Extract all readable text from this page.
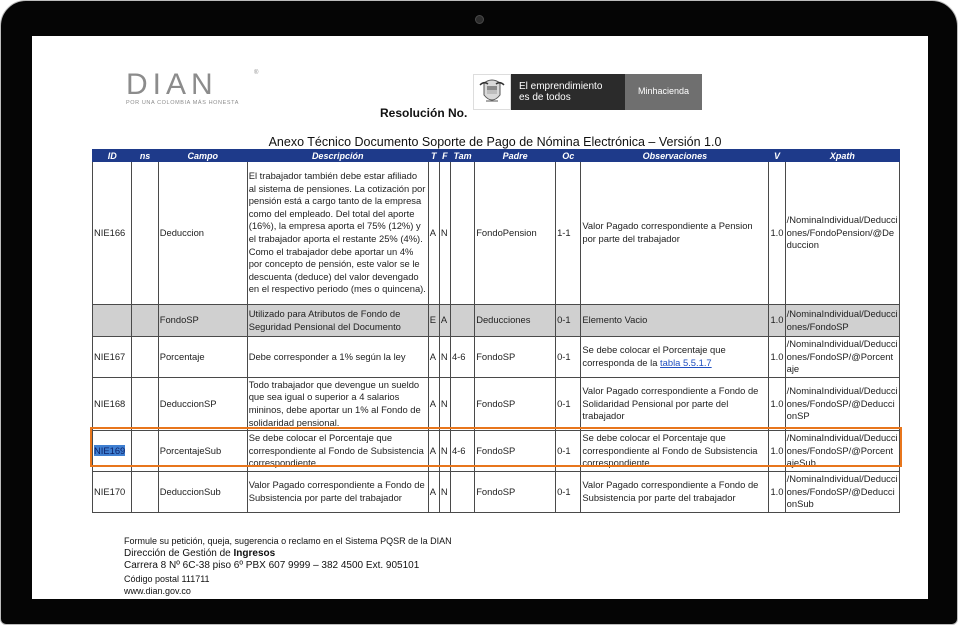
DIAN	®
POR UNA COLOMBIA MÁS HONESTA
Resolución No.
El emprendimiento
es de todos
Minhacienda
Anexo Técnico Documento Soporte de Pago de Nómina Electrónica – Versión 1.0
ID	ns	Campo	Descripción	T	F	Tam	Padre	Oc	Observaciones	V	Xpath
NIE166		Deduccion	El trabajador también debe estar afiliado al sistema de pensiones. La cotización por pensión está a cargo tanto de la empresa como del empleado. Del total del aporte (16%), la empresa aporta el 75% (12%) y el trabajador aporta el restante 25% (4%). Como el trabajador debe aportar un 4% por concepto de pensión, este valor se le descuenta (deduce) del valor devengado en el respectivo periodo (mes o quincena).	A	N		FondoPension	1-1	Valor Pagado correspondiente a Pension por parte del trabajador	1.0	/NominaIndividual/Deducciones/FondoPension/@Deduccion
		FondoSP	Utilizado para Atributos de Fondo de Seguridad Pensional del Documento	E	A		Deducciones	0-1	Elemento Vacio	1.0	/NominaIndividual/Deducciones/FondoSP
NIE167		Porcentaje	Debe corresponder a 1% según la ley	A	N	4-6	FondoSP	0-1	Se debe colocar el Porcentaje que corresponda de la tabla 5.5.1.7	1.0	/NominaIndividual/Deducciones/FondoSP/@Porcentaje
NIE168		DeduccionSP	Todo trabajador que devengue un sueldo que sea igual o superior a 4 salarios mininos, debe aportar un 1% al Fondo de solidaridad pensional.	A	N		FondoSP	0-1	Valor Pagado correspondiente a Fondo de Solidaridad Pensional por parte del trabajador	1.0	/NominaIndividual/Deducciones/FondoSP/@DeduccionSP
NIE169		PorcentajeSub	Se debe colocar el Porcentaje que correspondiente al Fondo de Subsistencia correspondiente	A	N	4-6	FondoSP	0-1	Se debe colocar el Porcentaje que correspondiente al Fondo de Subsistencia correspondiente	1.0	/NominaIndividual/Deducciones/FondoSP/@PorcentajeSub
NIE170		DeduccionSub	Valor Pagado correspondiente a Fondo de Subsistencia por parte del trabajador	A	N		FondoSP	0-1	Valor Pagado correspondiente a Fondo de Subsistencia por parte del trabajador	1.0	/NominaIndividual/Deducciones/FondoSP/@DeduccionSub
Formule su petición, queja, sugerencia o reclamo en el Sistema PQSR de la DIAN
Dirección de Gestión de Ingresos
Carrera 8 Nº 6C-38 piso 6º PBX 607 9999 – 382 4500 Ext. 905101
Código postal 111711
www.dian.gov.co
